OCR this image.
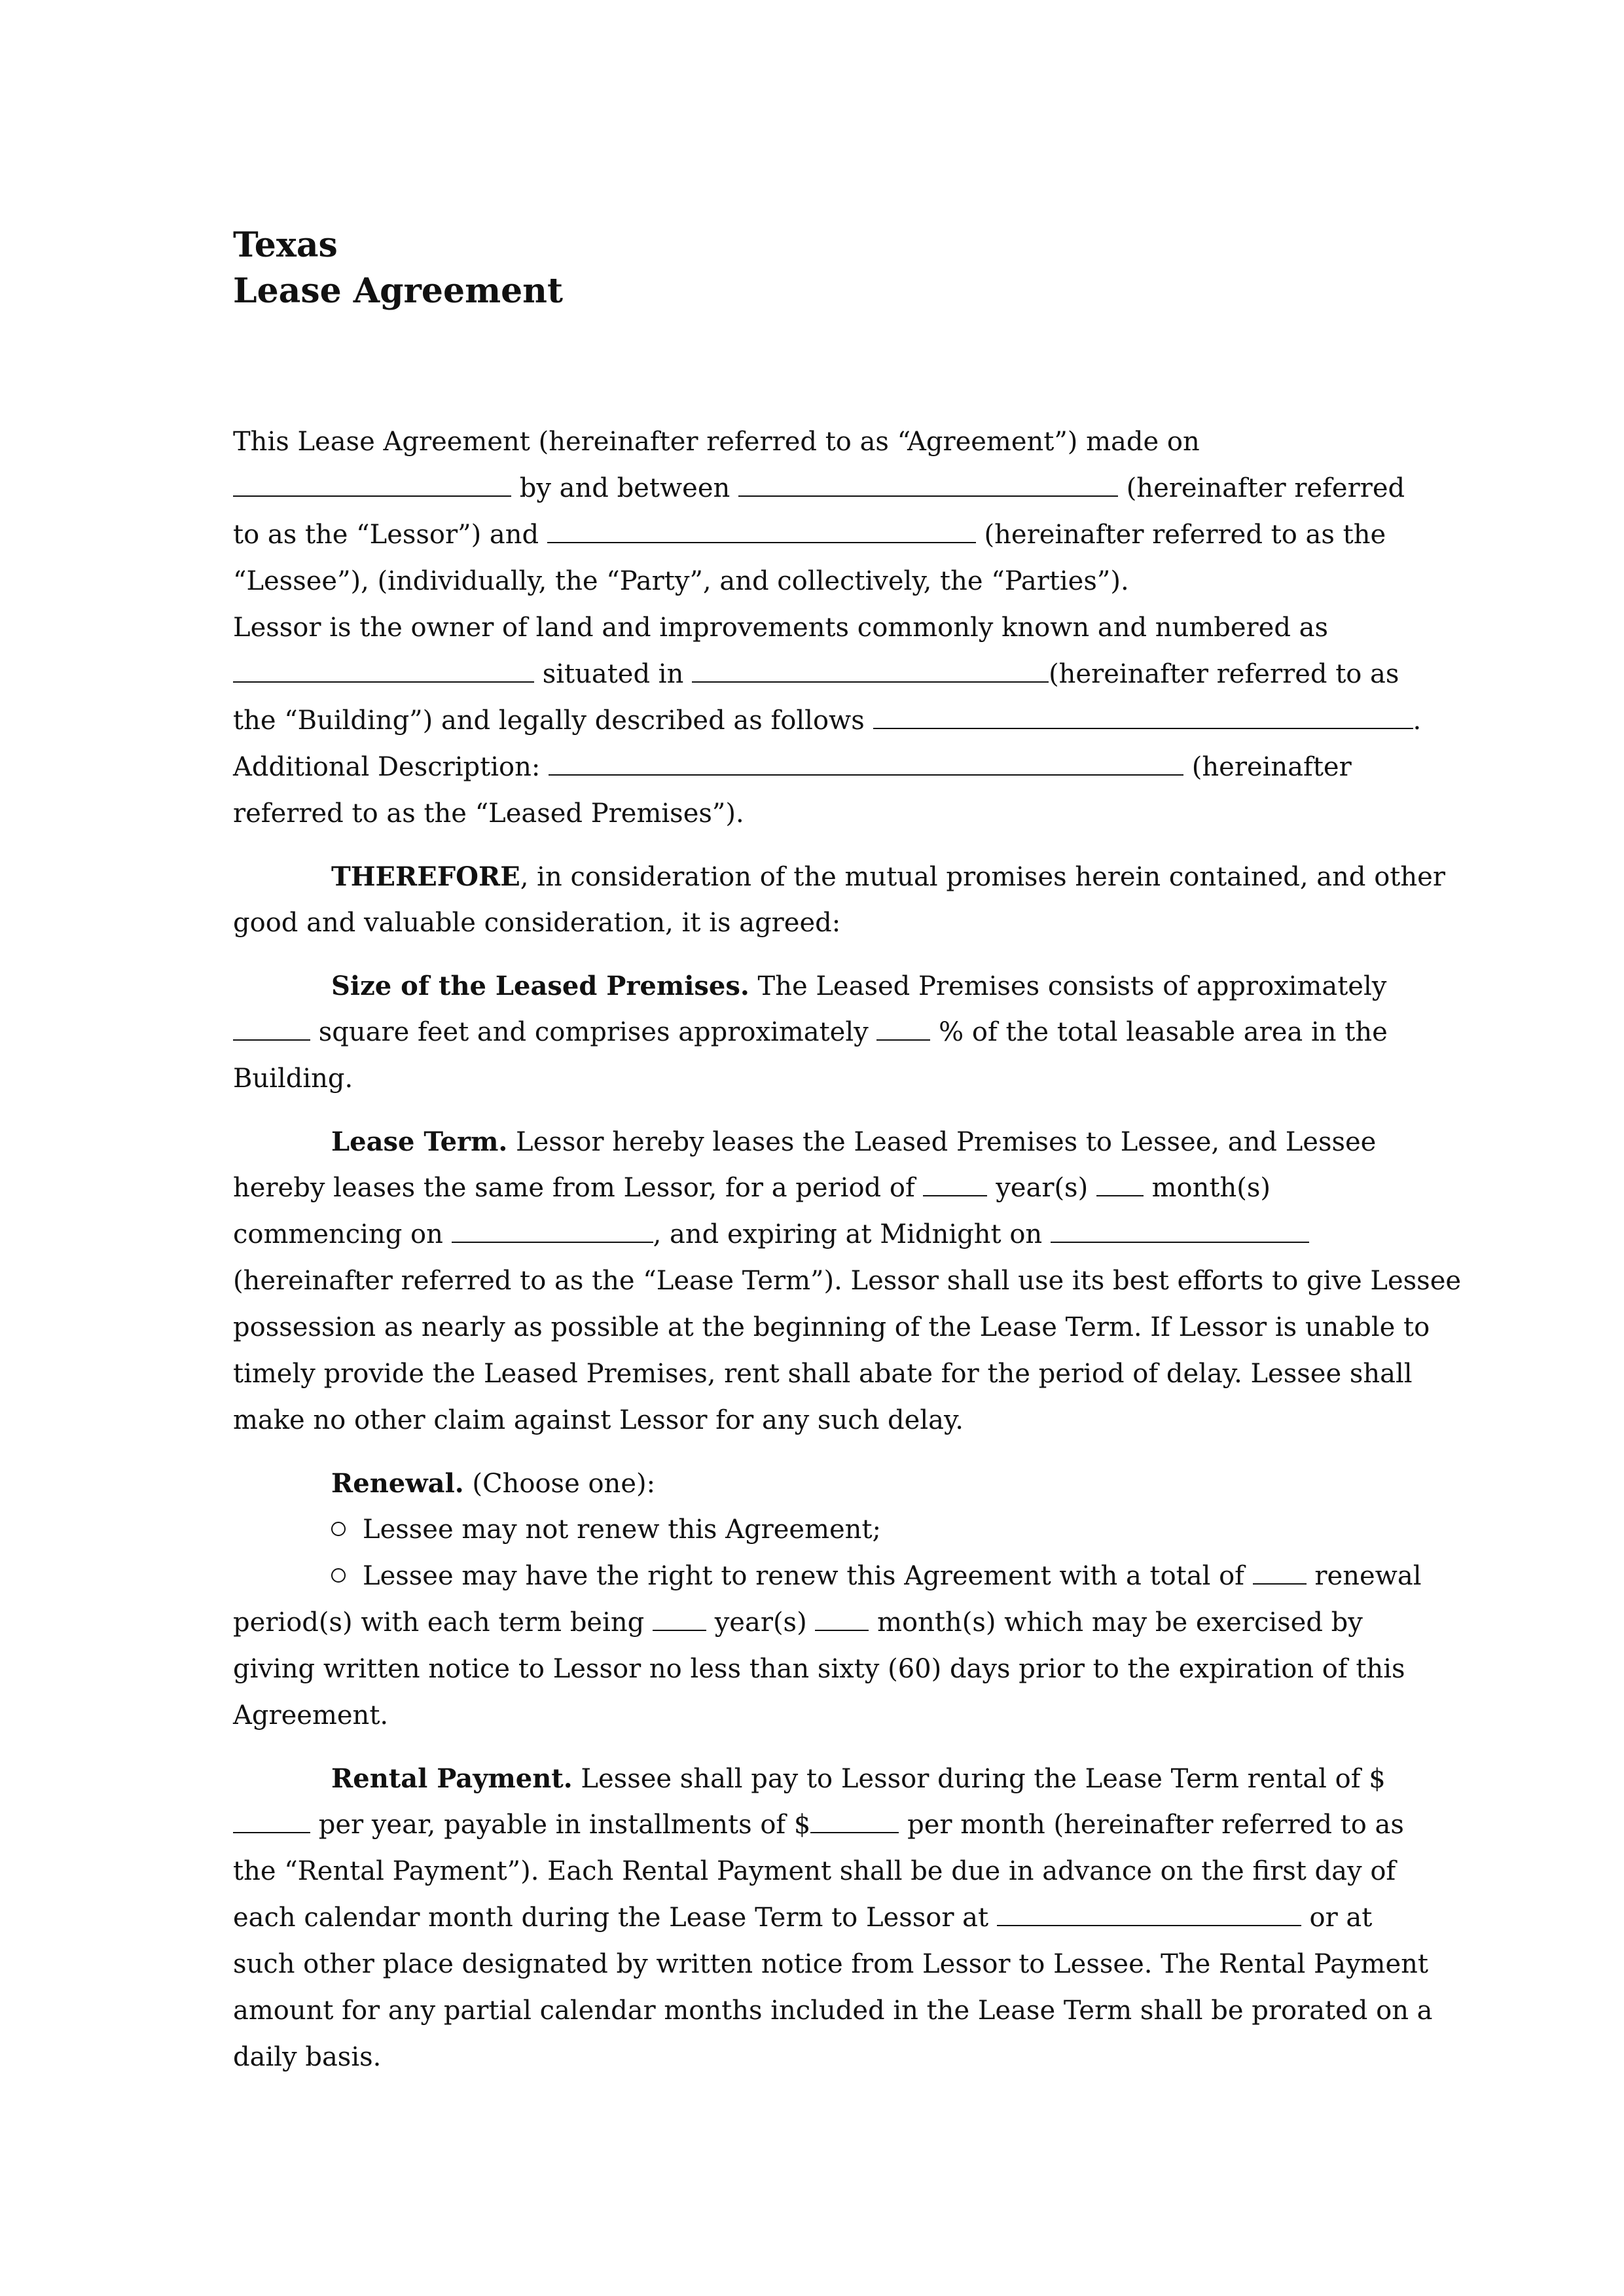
Texas
Lease Agreement
This Lease Agreement (hereinafter referred to as “Agreement”) made on
by and between	(hereinafter referred
to as the “Lessor”) and	(hereinafter referred to as the
“Lessee”), (individually, the “Party”, and collectively, the “Parties”).
Lessor is the owner of land and improvements commonly known and numbered as
situated in	(hereinafter referred to as
the “Building”) and legally described as follows	.
Additional Description:	(hereinafter
referred to as the “Leased Premises”).
THEREFORE, in consideration of the mutual promises herein contained, and other
good and valuable consideration, it is agreed:
Size of the Leased Premises. The Leased Premises consists of approximately
square feet and comprises approximately  % of the total leasable area in the
Building.
Lease Term. Lessor hereby leases the Leased Premises to Lessee, and Lessee
hereby leases the same from Lessor, for a period of  year(s)  month(s)
commencing on	, and expiring at Midnight on
(hereinafter referred to as the “Lease Term”). Lessor shall use its best efforts to give Lessee
possession as nearly as possible at the beginning of the Lease Term. If Lessor is unable to
timely provide the Leased Premises, rent shall abate for the period of delay. Lessee shall
make no other claim against Lessor for any such delay.
Renewal. (Choose one):
Lessee may not renew this Agreement;
Lessee may have the right to renew this Agreement with a total of  renewal
period(s) with each term being  year(s)  month(s) which may be exercised by
giving written notice to Lessor no less than sixty (60) days prior to the expiration of this
Agreement.
Rental Payment. Lessee shall pay to Lessor during the Lease Term rental of $
per year, payable in installments of $	per month (hereinafter referred to as
the “Rental Payment”). Each Rental Payment shall be due in advance on the first day of
each calendar month during the Lease Term to Lessor at	or at
such other place designated by written notice from Lessor to Lessee. The Rental Payment
amount for any partial calendar months included in the Lease Term shall be prorated on a
daily basis.
